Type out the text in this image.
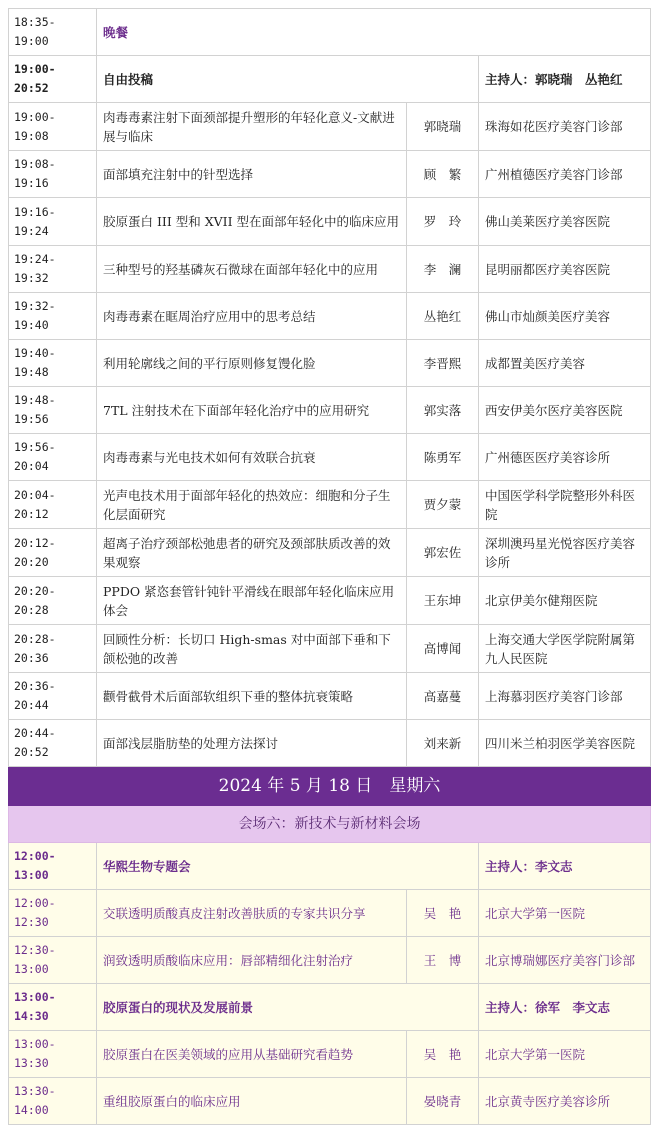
18:35-19:00	晚餐		
19:00-20:52	自由投稿		主持人：郭晓瑞　丛艳红
19:00-19:08	肉毒毒素注射下面颈部提升塑形的年轻化意义-文献进展与临床	郭晓瑞	珠海如花医疗美容门诊部
19:08-19:16	面部填充注射中的针型选择	顾　繁	广州植德医疗美容门诊部
19:16-19:24	胶原蛋白 III 型和 XVII 型在面部年轻化中的临床应用	罗　玲	佛山美莱医疗美容医院
19:24-19:32	三种型号的羟基磷灰石微球在面部年轻化中的应用	李　澜	昆明丽都医疗美容医院
19:32-19:40	肉毒毒素在眶周治疗应用中的思考总结	丛艳红	佛山市灿颜美医疗美容
19:40-19:48	利用轮廓线之间的平行原则修复馒化脸	李晋熙	成都置美医疗美容
19:48-19:56	7TL 注射技术在下面部年轻化治疗中的应用研究	郭实落	西安伊美尔医疗美容医院
19:56-20:04	肉毒毒素与光电技术如何有效联合抗衰	陈勇军	广州德医医疗美容诊所
20:04-20:12	光声电技术用于面部年轻化的热效应：细胞和分子生化层面研究	贾夕蒙	中国医学科学院整形外科医院
20:12-20:20	超离子治疗颈部松弛患者的研究及颈部肤质改善的效果观察	郭宏佐	深圳澳玛星光悦容医疗美容诊所
20:20-20:28	PPDO 紧恣套管针钝针平滑线在眼部年轻化临床应用体会	王东坤	北京伊美尔健翔医院
20:28-20:36	回顾性分析：长切口 High-smas 对中面部下垂和下颌松弛的改善	高博闻	上海交通大学医学院附属第九人民医院
20:36-20:44	颧骨截骨术后面部软组织下垂的整体抗衰策略	高嘉蔓	上海慕羽医疗美容门诊部
20:44-20:52	面部浅层脂肪垫的处理方法探讨	刘来新	四川米兰柏羽医学美容医院
2024 年 5 月 18 日　星期六			
会场六：新技术与新材料会场			
12:00-13:00	华熙生物专题会		主持人：李文志
12:00-12:30	交联透明质酸真皮注射改善肤质的专家共识分享	吴　艳	北京大学第一医院
12:30-13:00	润致透明质酸临床应用：唇部精细化注射治疗	王　博	北京博瑞娜医疗美容门诊部
13:00-14:30	胶原蛋白的现状及发展前景		主持人：徐军　李文志
13:00-13:30	胶原蛋白在医美领域的应用从基础研究看趋势	吴　艳	北京大学第一医院
13:30-14:00	重组胶原蛋白的临床应用	晏晓青	北京黄寺医疗美容诊所
